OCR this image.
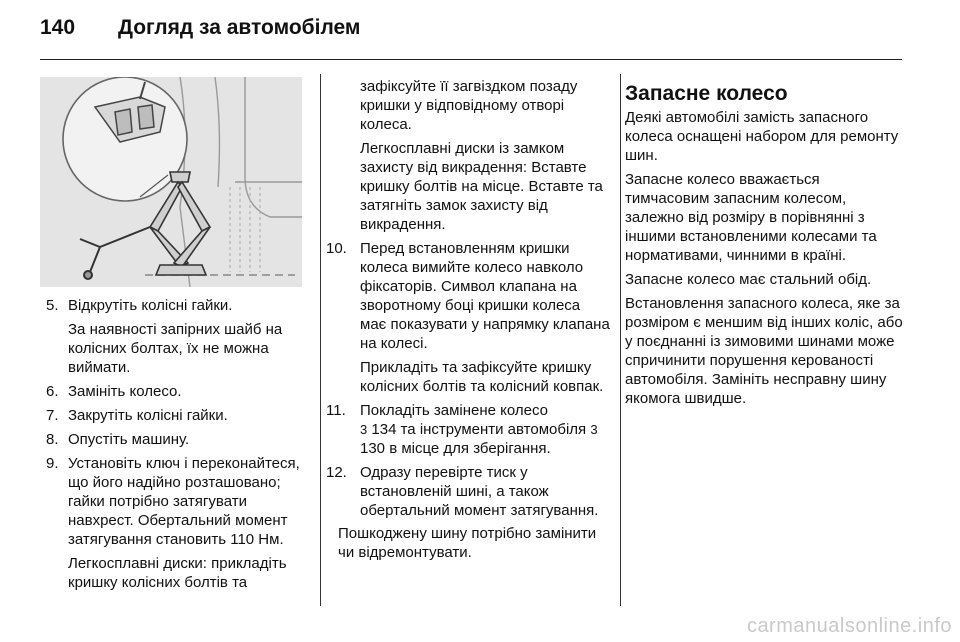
140 Догляд за автомобілем
5. Відкрутіть колісні гайки.
За наявності запірних шайб на колісних болтах, їх не можна виймати.
6. Замініть колесо.
7. Закрутіть колісні гайки.
8. Опустіть машину.
9. Установіть ключ і переконайтеся, що його надійно розташовано; гайки потрібно затягувати навхрест. Обертальний момент затягування становить 110 Нм.
Легкосплавні диски: прикладіть кришку колісних болтів та
зафіксуйте її загвіздком позаду кришки у відповідному отворі колеса.
Легкосплавні диски із замком захисту від викрадення: Вставте кришку болтів на місце. Вставте та затягніть замок захисту від викрадення.
10. Перед встановленням кришки колеса вимийте колесо навколо фіксаторів. Символ клапана на зворотному боці кришки колеса має показувати у напрямку клапана на колесі.
Прикладіть та зафіксуйте кришку колісних болтів та колісний ковпак.
11. Покладіть замінене колесо
3 134 та інструменти автомобіля 3 130 в місце для зберігання.
12. Одразу перевірте тиск у встановленій шині, а також обертальний момент затягування.
Пошкоджену шину потрібно замінити чи відремонтувати.
Запасне колесо

Деякі автомобілі замість запасного колеса оснащені набором для ремонту шин.

Запасне колесо вважається тимчасовим запасним колесом, залежно від розміру в порівнянні з іншими встановленими колесами та нормативами, чинними в країні.

Запасне колесо має стальний обід.

Встановлення запасного колеса, яке за розміром є меншим від інших коліс, або у поєднанні із зимовими шинами може спричинити порушення керованості автомобіля. Замініть несправну шину якомога швидше.

carmanualsonline.info
